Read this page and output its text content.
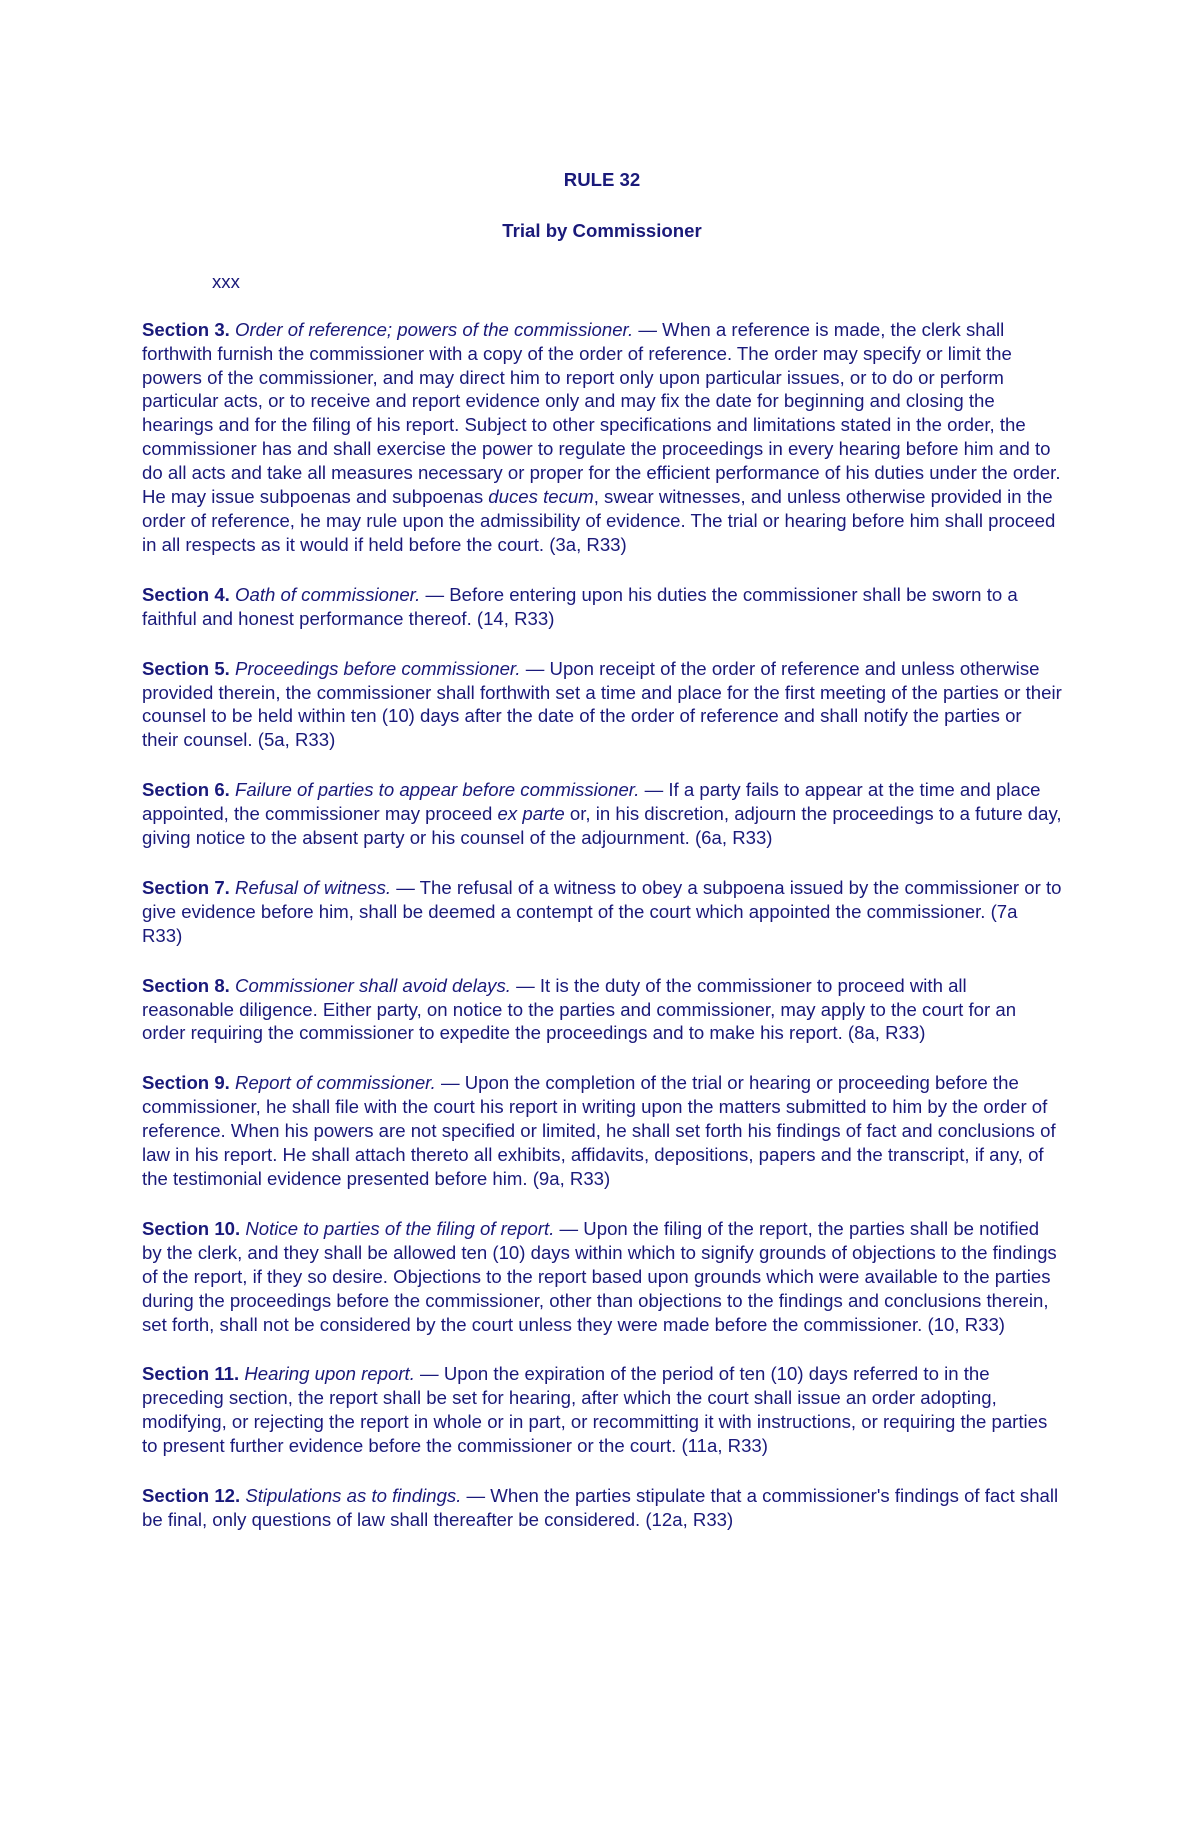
RULE 32

Trial by Commissioner

xxx

Section 3. Order of reference; powers of the commissioner. — When a reference is made, the clerk shall forthwith furnish the commissioner with a copy of the order of reference. The order may specify or limit the powers of the commissioner, and may direct him to report only upon particular issues, or to do or perform particular acts, or to receive and report evidence only and may fix the date for beginning and closing the hearings and for the filing of his report. Subject to other specifications and limitations stated in the order, the commissioner has and shall exercise the power to regulate the proceedings in every hearing before him and to do all acts and take all measures necessary or proper for the efficient performance of his duties under the order. He may issue subpoenas and subpoenas duces tecum, swear witnesses, and unless otherwise provided in the order of reference, he may rule upon the admissibility of evidence. The trial or hearing before him shall proceed in all respects as it would if held before the court. (3a, R33)

Section 4. Oath of commissioner. — Before entering upon his duties the commissioner shall be sworn to a faithful and honest performance thereof. (14, R33)

Section 5. Proceedings before commissioner. — Upon receipt of the order of reference and unless otherwise provided therein, the commissioner shall forthwith set a time and place for the first meeting of the parties or their counsel to be held within ten (10) days after the date of the order of reference and shall notify the parties or their counsel. (5a, R33)

Section 6. Failure of parties to appear before commissioner. — If a party fails to appear at the time and place appointed, the commissioner may proceed ex parte or, in his discretion, adjourn the proceedings to a future day, giving notice to the absent party or his counsel of the adjournment. (6a, R33)

Section 7. Refusal of witness. — The refusal of a witness to obey a subpoena issued by the commissioner or to give evidence before him, shall be deemed a contempt of the court which appointed the commissioner. (7a R33)

Section 8. Commissioner shall avoid delays. — It is the duty of the commissioner to proceed with all reasonable diligence. Either party, on notice to the parties and commissioner, may apply to the court for an order requiring the commissioner to expedite the proceedings and to make his report. (8a, R33)

Section 9. Report of commissioner. — Upon the completion of the trial or hearing or proceeding before the commissioner, he shall file with the court his report in writing upon the matters submitted to him by the order of reference. When his powers are not specified or limited, he shall set forth his findings of fact and conclusions of law in his report. He shall attach thereto all exhibits, affidavits, depositions, papers and the transcript, if any, of the testimonial evidence presented before him. (9a, R33)

Section 10. Notice to parties of the filing of report. — Upon the filing of the report, the parties shall be notified by the clerk, and they shall be allowed ten (10) days within which to signify grounds of objections to the findings of the report, if they so desire. Objections to the report based upon grounds which were available to the parties during the proceedings before the commissioner, other than objections to the findings and conclusions therein, set forth, shall not be considered by the court unless they were made before the commissioner. (10, R33)

Section 11. Hearing upon report. — Upon the expiration of the period of ten (10) days referred to in the preceding section, the report shall be set for hearing, after which the court shall issue an order adopting, modifying, or rejecting the report in whole or in part, or recommitting it with instructions, or requiring the parties to present further evidence before the commissioner or the court. (11a, R33)

Section 12. Stipulations as to findings. — When the parties stipulate that a commissioner's findings of fact shall be final, only questions of law shall thereafter be considered. (12a, R33)
